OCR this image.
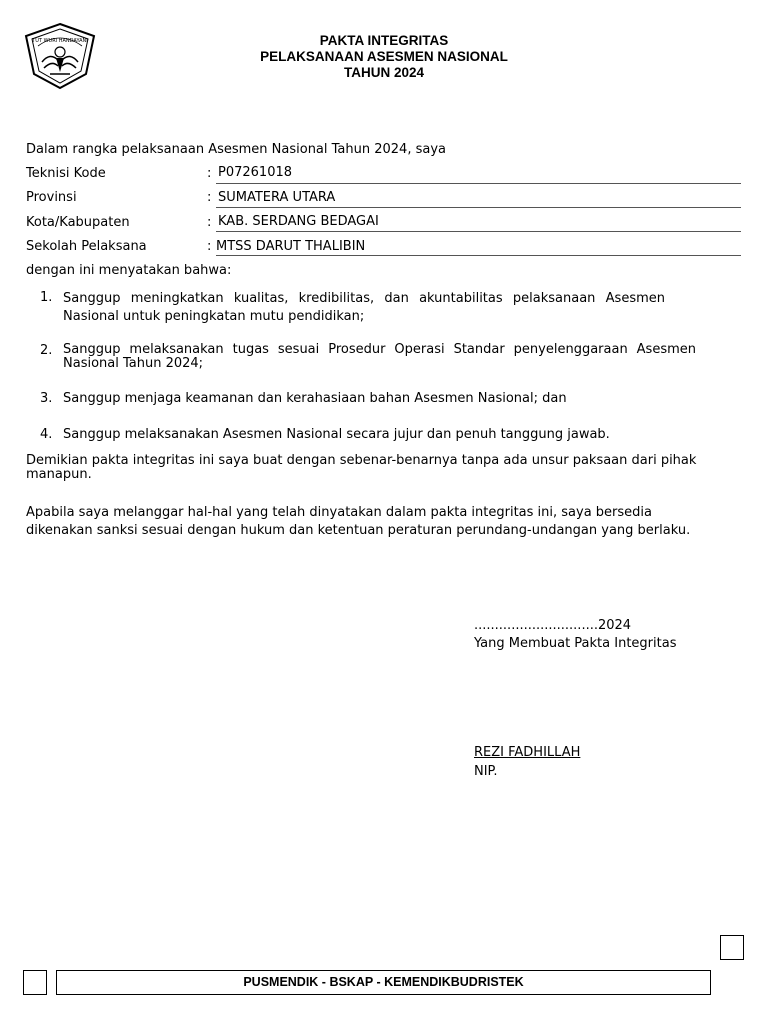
TUT WURI HANDAYANI	PAKTA INTEGRITAS
PELAKSANAAN ASESMEN NASIONAL
TAHUN 2024
Dalam rangka pelaksanaan Asesmen Nasional Tahun 2024, saya
Teknisi Kode	: P07261018
Provinsi	: SUMATERA UTARA
Kota/Kabupaten	: KAB. SERDANG BEDAGAI
Sekolah Pelaksana	: MTSS DARUT THALIBIN
dengan ini menyatakan bahwa:
1. Sanggup meningkatkan kualitas, kredibilitas, dan akuntabilitas pelaksanaan Asesmen Nasional untuk peningkatan mutu pendidikan;
2. Sanggup melaksanakan tugas sesuai Prosedur Operasi Standar penyelenggaraan Asesmen Nasional Tahun 2024;
3. Sanggup menjaga keamanan dan kerahasiaan bahan Asesmen Nasional; dan
4. Sanggup melaksanakan Asesmen Nasional secara jujur dan penuh tanggung jawab.
Demikian pakta integritas ini saya buat dengan sebenar-benarnya tanpa ada unsur paksaan dari pihak manapun.
Apabila saya melanggar hal-hal yang telah dinyatakan dalam pakta integritas ini, saya bersedia dikenakan sanksi sesuai dengan hukum dan ketentuan peraturan perundang-undangan yang berlaku.
..............................2024
Yang Membuat Pakta Integritas
REZI FADHILLAH
NIP.
PUSMENDIK - BSKAP - KEMENDIKBUDRISTEK
